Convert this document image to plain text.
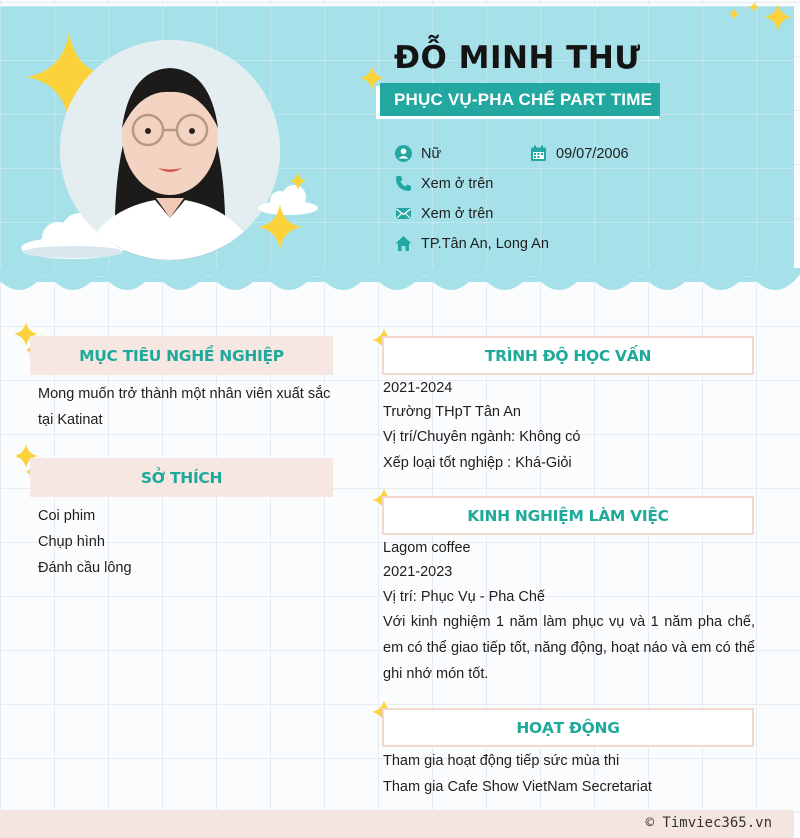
ĐỖ MINH THƯ
PHỤC VỤ-PHA CHẾ PART TIME
Nữ	09/07/2006
Xem ở trên
Xem ở trên
TP.Tân An, Long An
MỤC TIÊU NGHỀ NGHIỆP
Mong muốn trở thành một nhân viên xuất sắc
tại Katinat
SỞ THÍCH
Coi phim
Chụp hình
Đánh cầu lông
TRÌNH ĐỘ HỌC VẤN
2021-2024
Trường THpT Tân An
Vị trí/Chuyên ngành: Không có
Xếp loại tốt nghiệp : Khá-Giỏi
KINH NGHIỆM LÀM VIỆC
Lagom coffee
2021-2023
Vị trí: Phục Vụ - Pha Chế
Với kinh nghiệm 1 năm làm phục vụ và 1 năm pha chế, em có thể giao tiếp tốt, năng động, hoạt náo và em có thể ghi nhớ món tốt.
HOẠT ĐỘNG
Tham gia hoạt động tiếp sức mùa thi
Tham gia Cafe Show VietNam Secretariat
© Timviec365.vn
